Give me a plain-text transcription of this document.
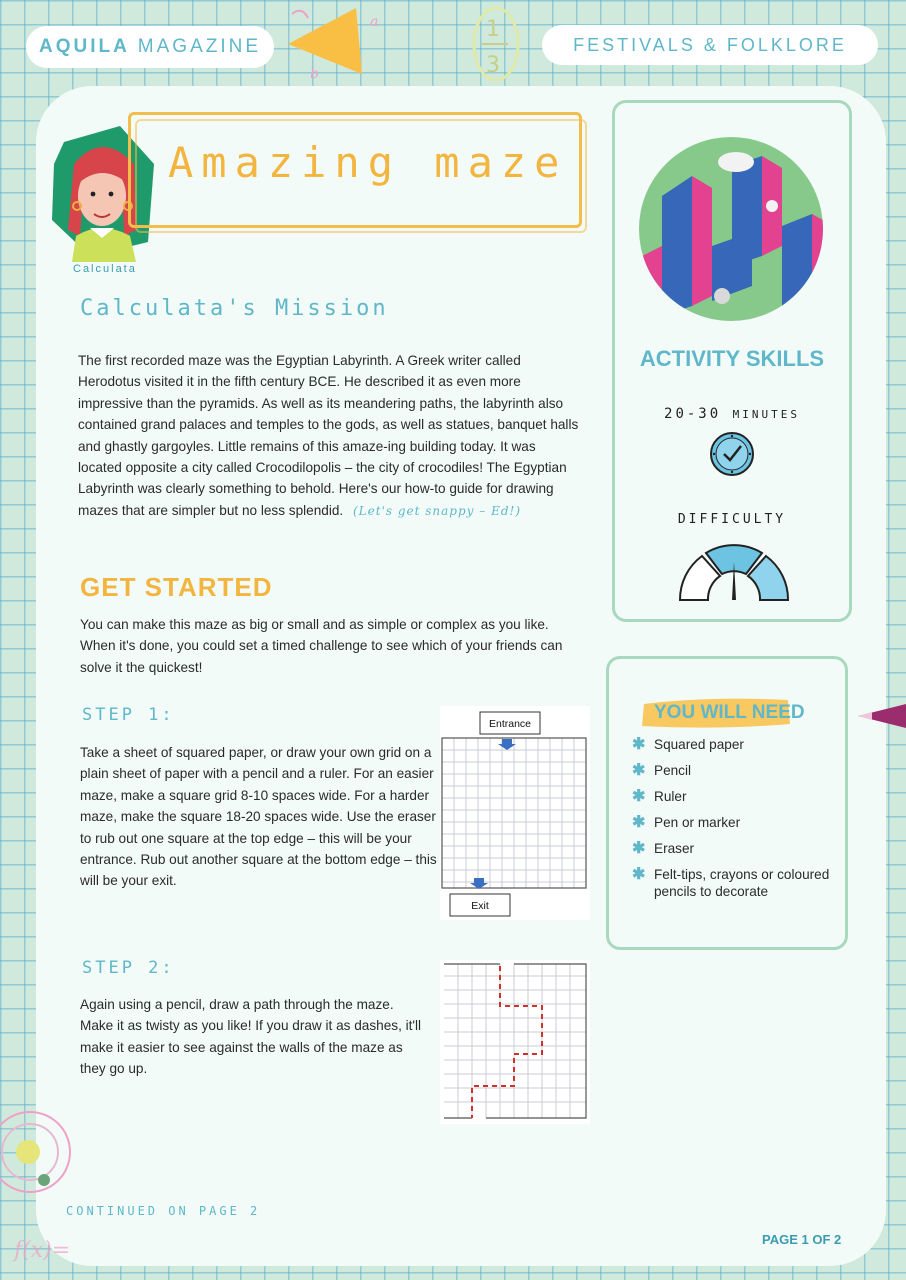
AQUILA MAGAZINE	FESTIVALS & FOLKLORE
a
b
1
3
f(x)=
Calculata
Amazing maze
Calculata's Mission

The first recorded maze was the Egyptian Labyrinth. A Greek writer called Herodotus visited it in the fifth century BCE. He described it as even more impressive than the pyramids. As well as its meandering paths, the labyrinth also contained grand palaces and temples to the gods, as well as statues, banquet halls and ghastly gargoyles. Little remains of this amaze-ing building today. It was located opposite a city called Crocodilopolis – the city of crocodiles! The Egyptian Labyrinth was clearly something to behold. Here's our how-to guide for drawing mazes that are simpler but no less splendid. (Let's get snappy – Ed!)

GET STARTED

You can make this maze as big or small and as simple or complex as you like. When it's done, you could set a timed challenge to see which of your friends can solve it the quickest!

STEP 1:

Take a sheet of squared paper, or draw your own grid on a plain sheet of paper with a pencil and a ruler. For an easier maze, make a square grid 8-10 spaces wide. For a harder maze, make the square 18-20 spaces wide. Use the eraser to rub out one square at the top edge – this will be your entrance. Rub out another square at the bottom edge – this will be your exit.

Entrance
Exit
STEP 2:

Again using a pencil, draw a path through the maze. Make it as twisty as you like! If you draw it as dashes, it'll make it easier to see against the walls of the maze as they go up.

ACTIVITY SKILLS
20-30 MINUTES
DIFFICULTY
YOU WILL NEED
✱ Squared paper
✱ Pencil
✱ Ruler
✱ Pen or marker
✱ Eraser
✱ Felt-tips, crayons or coloured pencils to decorate
CONTINUED ON PAGE 2
PAGE 1 OF 2
